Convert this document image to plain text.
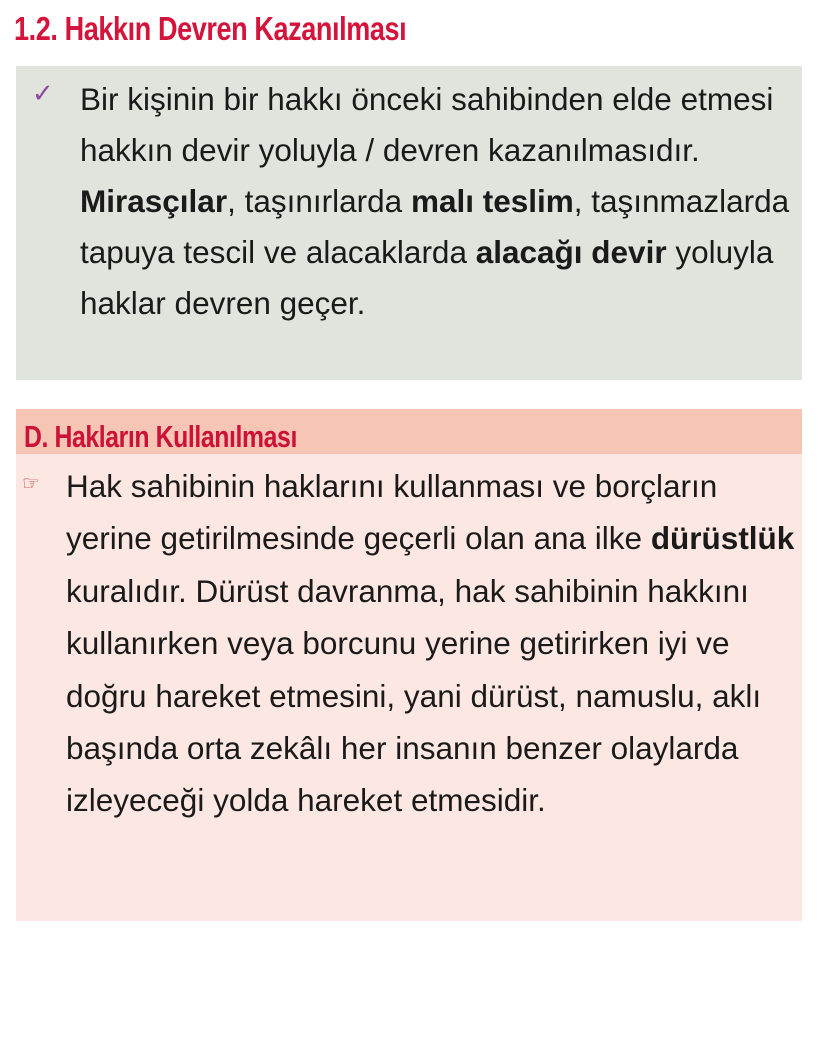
1.2. Hakkın Devren Kazanılması
✓ Bir kişinin bir hakkı önceki sahibinden elde etmesi hakkın devir yoluyla / devren kazanılmasıdır. Mirasçılar, taşınırlarda malı teslim, taşınmazlarda tapuya tescil ve alacaklarda alacağı devir yoluyla haklar devren geçer.
D. Hakların Kullanılması
☞ Hak sahibinin haklarını kullanması ve borçların yerine getirilmesinde geçerli olan ana ilke dürüstlük kuralıdır. Dürüst davranma, hak sahibinin hakkını kullanırken veya borcunu yerine getirirken iyi ve doğru hareket etmesini, yani dürüst, namuslu, aklı başında orta zekâlı her insanın benzer olaylarda izleyeceği yolda hareket etmesidir.
